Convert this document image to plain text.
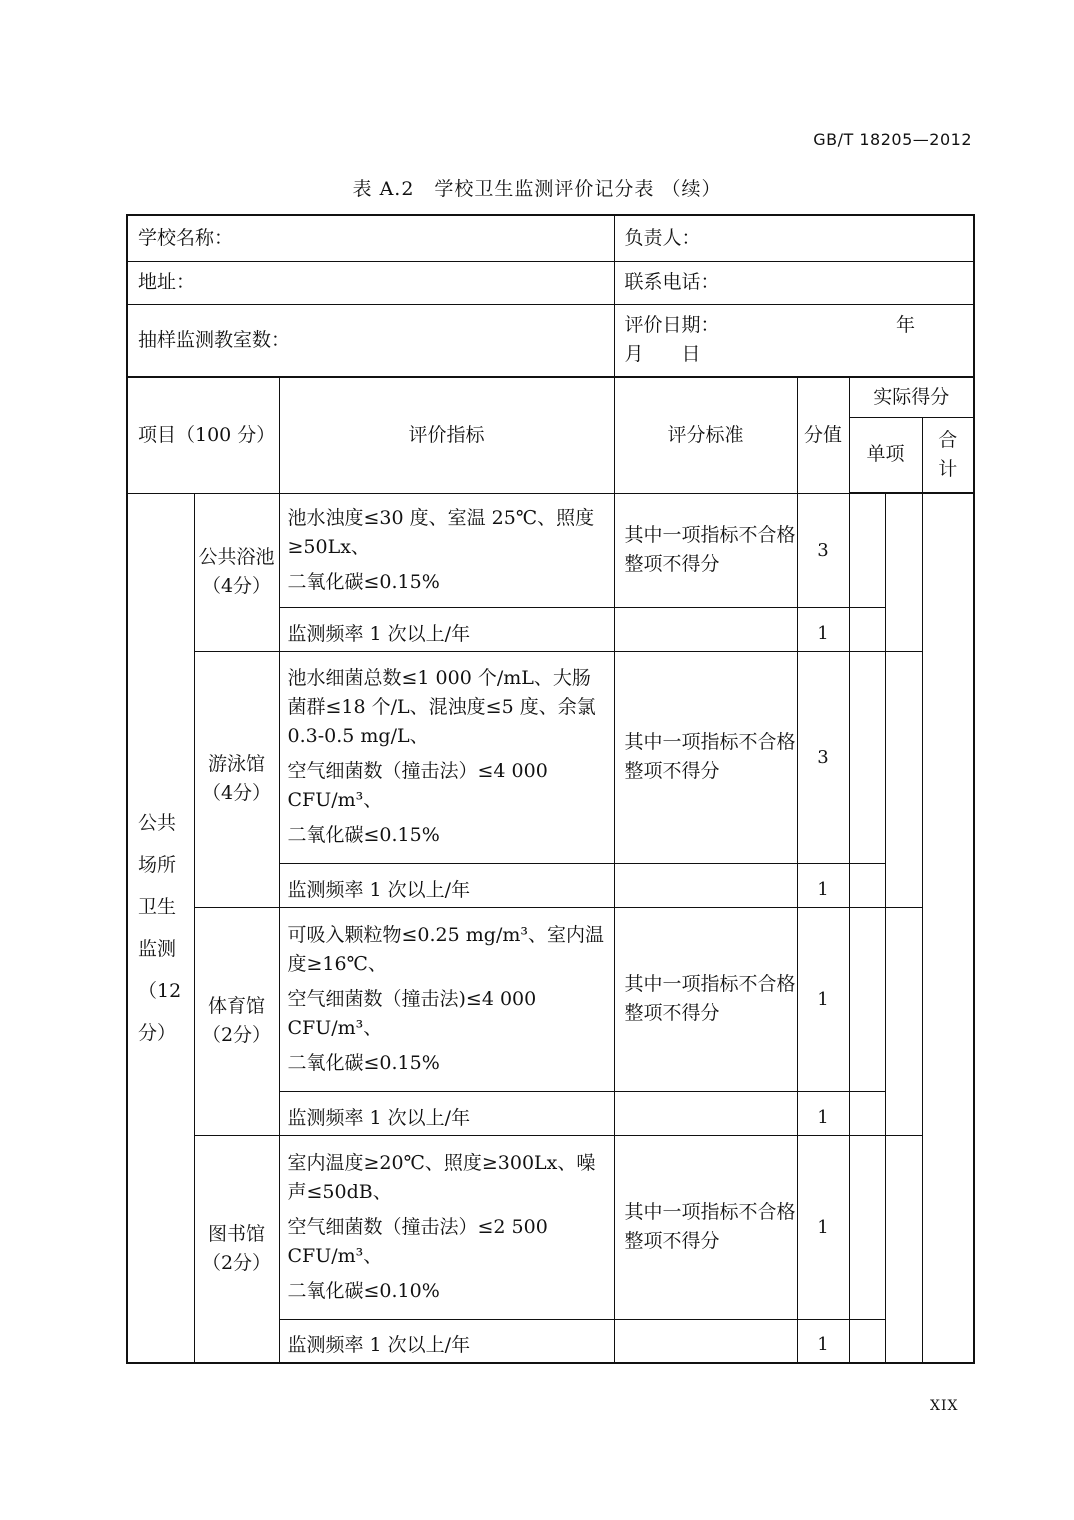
GB/T 18205—2012
表 A.2　学校卫生监测评价记分表 （续）
学校名称：			负责人：				
地址：			联系电话：				
抽样监测教室数：			评价日期： 年
月　　日				

项目（100 分）		评价指标	评分标准	分值	实际得分		
					单项		合计
公共场所卫生监测（12分）	公共浴池（4分）	池水浊度≤30 度、室温 25℃、照度≥50Lx、

二氧化碳≤0.15%	其中一项指标不合格整项不得分	3			
		监测频率 1 次以上/年		1			
	游泳馆（4分）	池水细菌总数≤1 000 个/mL、大肠菌群≤18 个/L、混浊度≤5 度、余氯 0.3-0.5 mg/L、

空气细菌数（撞击法）≤4 000 CFU/m³、

二氧化碳≤0.15%	其中一项指标不合格整项不得分	3			
		监测频率 1 次以上/年		1			
	体育馆（2分）	可吸入颗粒物≤0.25 mg/m³、室内温度≥16℃、

空气细菌数（撞击法)≤4 000 CFU/m³、

二氧化碳≤0.15%	其中一项指标不合格整项不得分	1			
		监测频率 1 次以上/年		1			
	图书馆（2分）	室内温度≥20℃、照度≥300Lx、噪声≤50dB、

空气细菌数（撞击法）≤2 500 CFU/m³、

二氧化碳≤0.10%	其中一项指标不合格整项不得分	1			
		监测频率 1 次以上/年		1			
XIX
